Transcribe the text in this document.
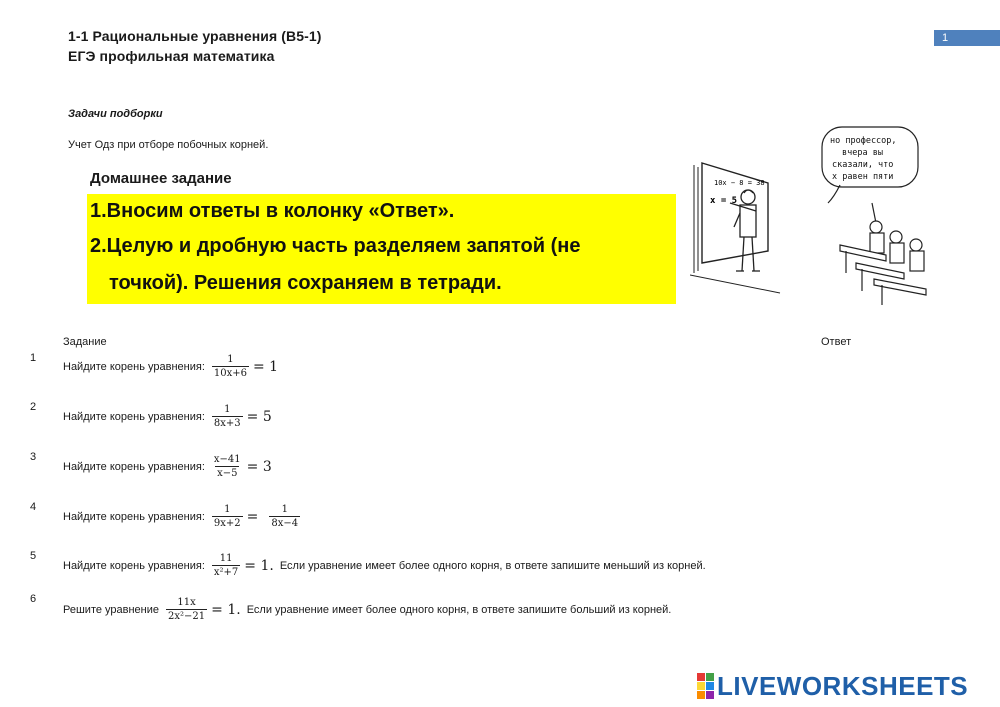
1-1 Рациональные уравнения (В5-1)
ЕГЭ профильная математика
1
Задачи подборки
Учет Одз при отборе побочных корней.
Домашнее задание
1.Вносим ответы в колонку «Ответ».
2.Целую и дробную часть разделяем запятой (не
точкой). Решения сохраняем в тетради.
10x − 8 = 38
x = 5
но профессор, вчера вы сказали, что x равен пяти
Задание	Ответ
1
Найдите корень уравнения: $\frac{1}{10x+6} = 1$
2
Найдите корень уравнения: $\frac{1}{8x+3} = 5$
3
Найдите корень уравнения: $\frac{x-41}{x-5} = 3$
4
Найдите корень уравнения: $\frac{1}{9x+2} = \frac{1}{8x-4}$
5
Найдите корень уравнения: $\frac{11}{\text{x²+7}} = 1$. Если уравнение имеет более одного корня, в ответе запишите меньший из корней.
6
Решите уравнение $\frac{11x}{\text{2x²−21}} = 1$. Если уравнение имеет более одного корня, в ответе запишите больший из корней.
LIVEWORKSHEETS
